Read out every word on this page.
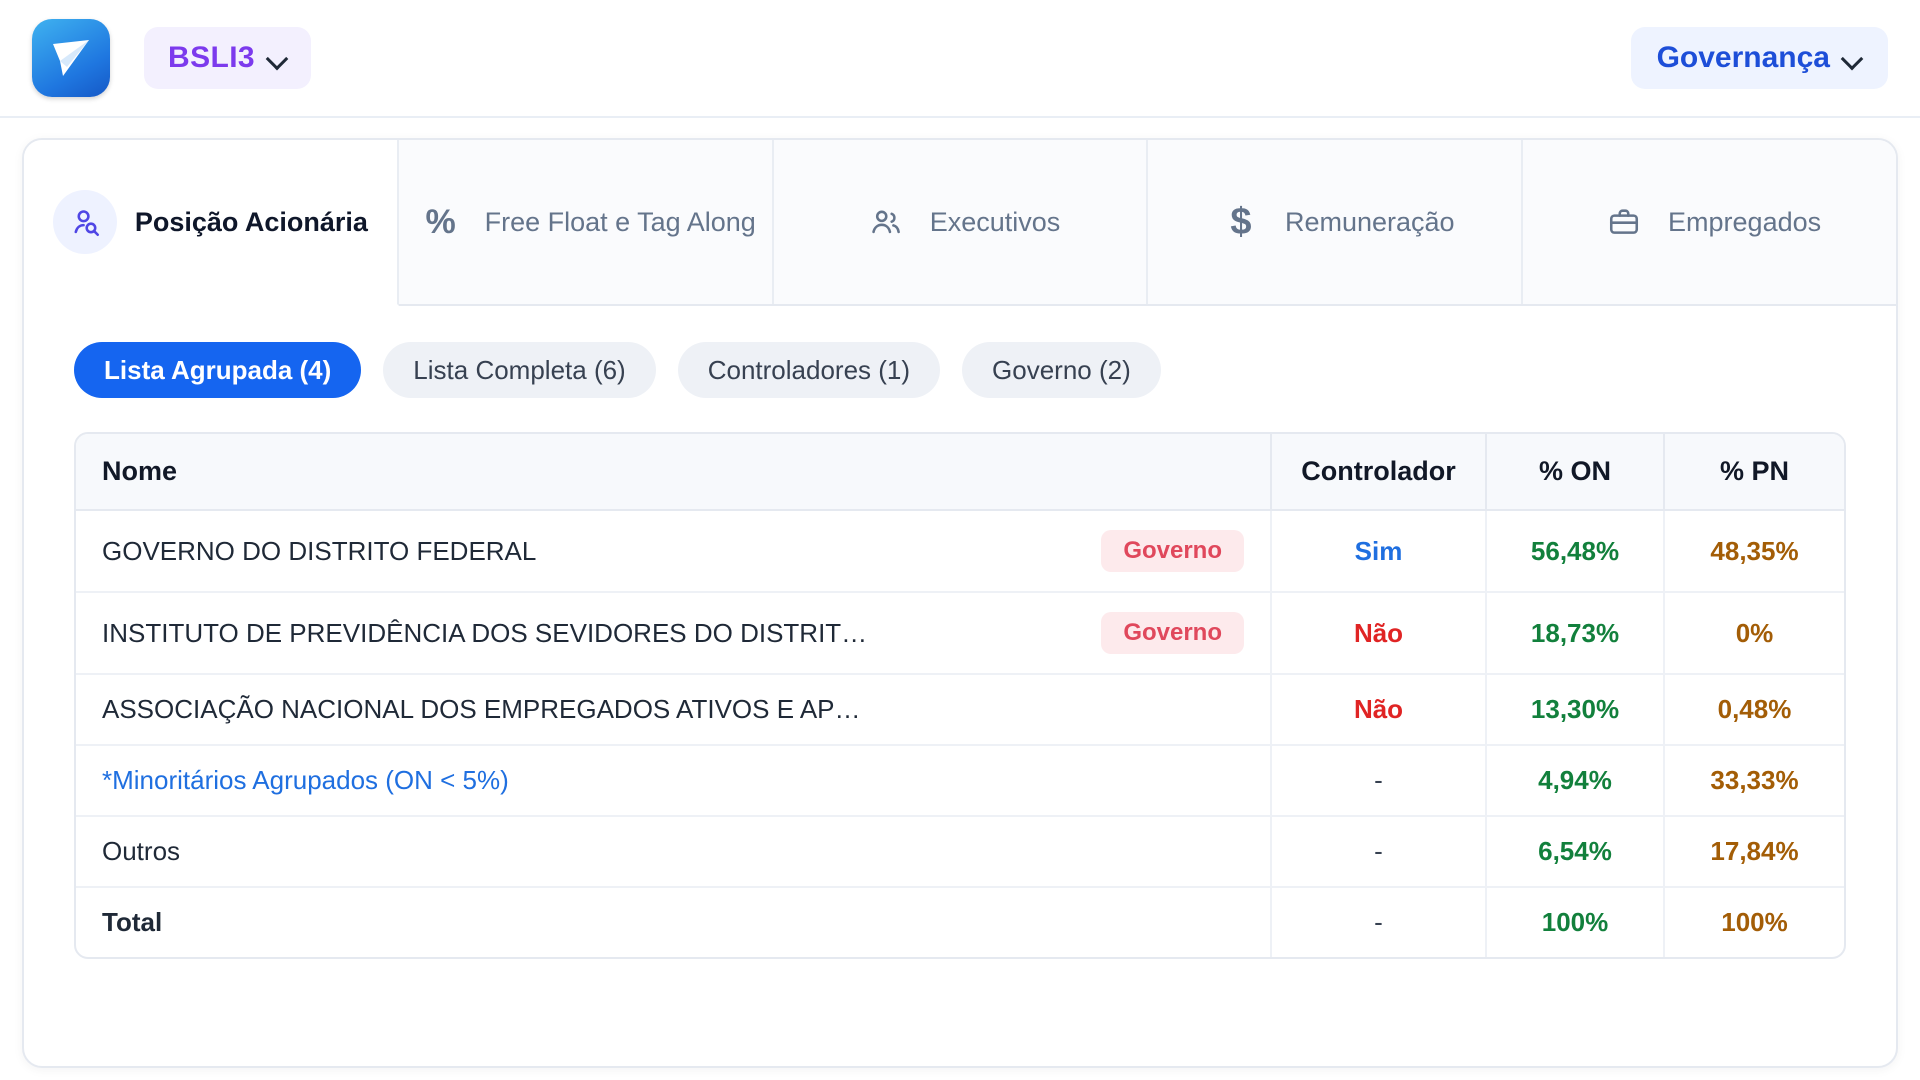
BSLI3	Governança
Posição Acionária % Free Float e Tag Along	Executivos	$ Remuneração	Empregados
Lista Agrupada (4)	Lista Completa (6)	Controladores (1)	Governo (2)
Nome	Controlador	% ON	% PN

GOVERNO DO DISTRITO FEDERAL Governo	Sim	56,48%	48,35%

INSTITUTO DE PREVIDÊNCIA DOS SEVIDORES DO DISTRIT… Governo	Não	18,73%	0%

ASSOCIAÇÃO NACIONAL DOS EMPREGADOS ATIVOS E AP…	Não	13,30%	0,48%

*Minoritários Agrupados (ON < 5%)	-	4,94%	33,33%

Outros	-	6,54%	17,84%

Total	-	100%	100%
